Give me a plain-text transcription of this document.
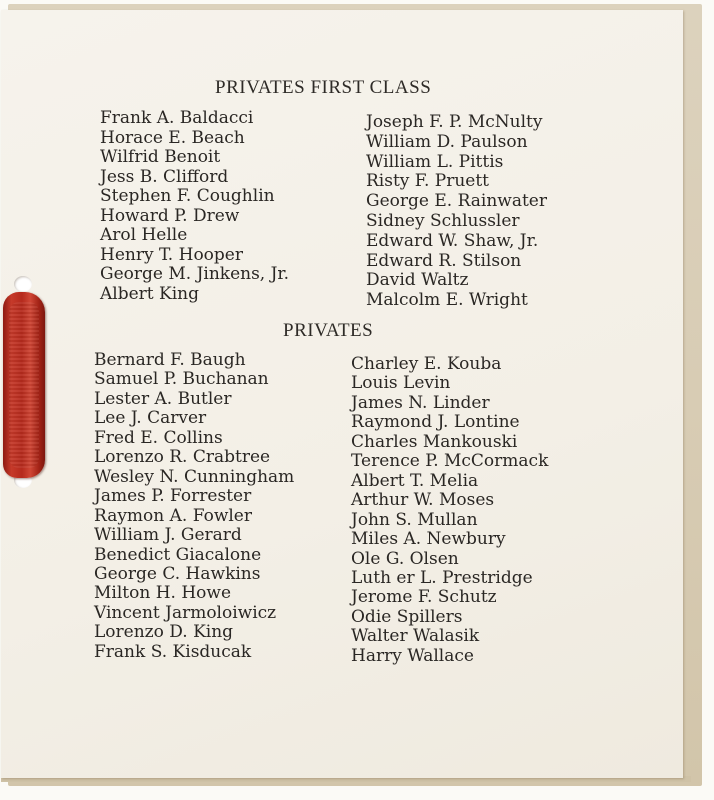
PRIVATES FIRST CLASS
Frank A. Baldacci
Horace E. Beach
Wilfrid Benoit
Jess B. Clifford
Stephen F. Coughlin
Howard P. Drew
Arol Helle
Henry T. Hooper
George M. Jinkens, Jr.
Albert King
Joseph F. P. McNulty
William D. Paulson
William L. Pittis
Risty F. Pruett
George E. Rainwater
Sidney Schlussler
Edward W. Shaw, Jr.
Edward R. Stilson
David Waltz
Malcolm E. Wright
PRIVATES
Bernard F. Baugh
Samuel P. Buchanan
Lester A. Butler
Lee J. Carver
Fred E. Collins
Lorenzo R. Crabtree
Wesley N. Cunningham
James P. Forrester
Raymon A. Fowler
William J. Gerard
Benedict Giacalone
George C. Hawkins
Milton H. Howe
Vincent Jarmoloiwicz
Lorenzo D. King
Frank S. Kisducak
Charley E. Kouba
Louis Levin
James N. Linder
Raymond J. Lontine
Charles Mankouski
Terence P. McCormack
Albert T. Melia
Arthur W. Moses
John S. Mullan
Miles A. Newbury
Ole G. Olsen
Luth er L. Prestridge
Jerome F. Schutz
Odie Spillers
Walter Walasik
Harry Wallace
